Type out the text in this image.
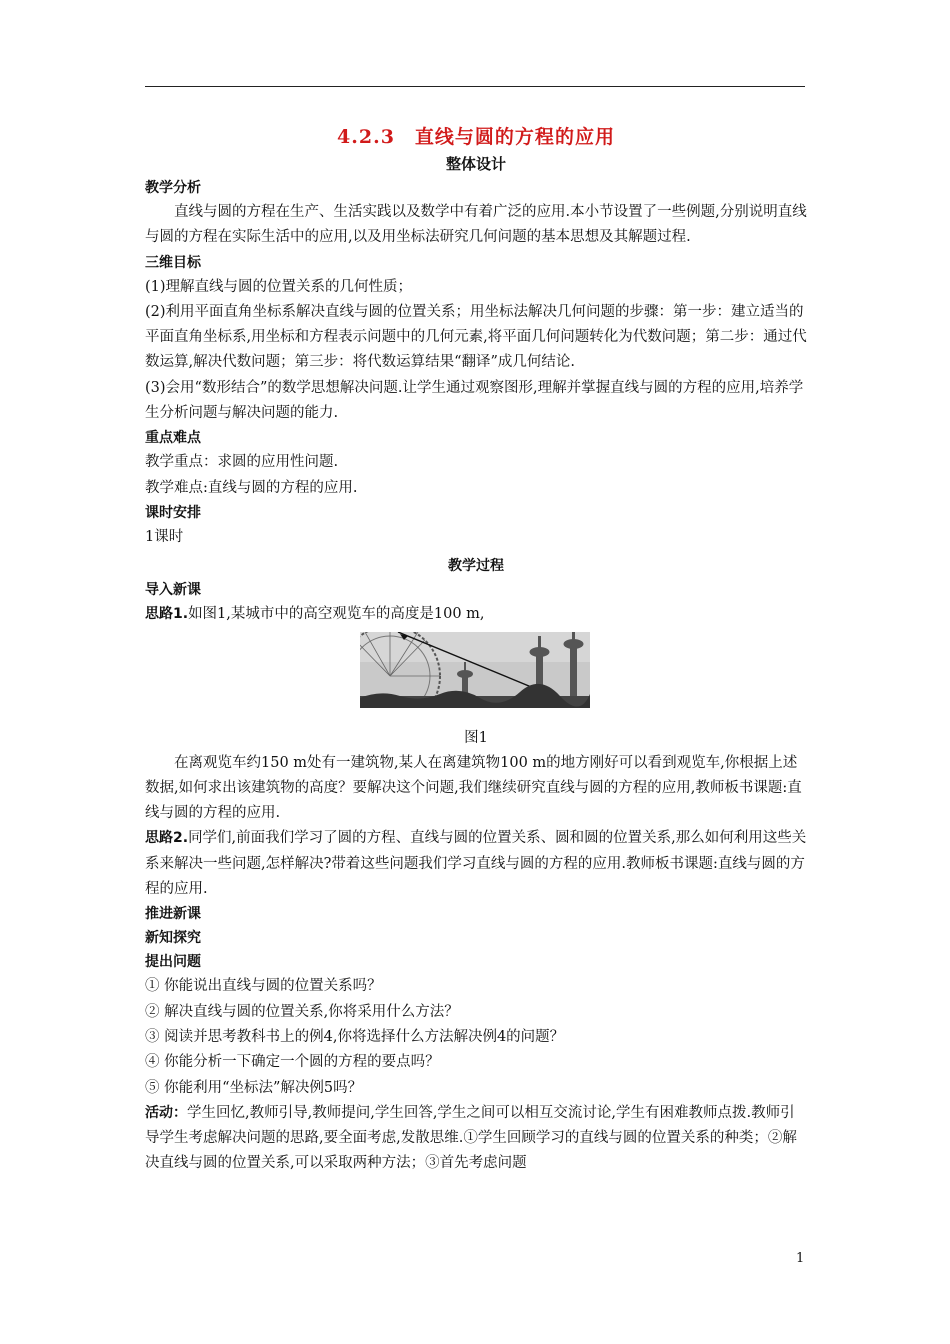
4.2.3　直线与圆的方程的应用
整体设计
教学分析

直线与圆的方程在生产、生活实践以及数学中有着广泛的应用.本小节设置了一些例题,分别说明直线与圆的方程在实际生活中的应用,以及用坐标法研究几何问题的基本思想及其解题过程.

三维目标

(1)理解直线与圆的位置关系的几何性质；

(2)利用平面直角坐标系解决直线与圆的位置关系；用坐标法解决几何问题的步骤：第一步：建立适当的平面直角坐标系,用坐标和方程表示问题中的几何元素,将平面几何问题转化为代数问题；第二步：通过代数运算,解决代数问题；第三步：将代数运算结果“翻译”成几何结论.

(3)会用“数形结合”的数学思想解决问题.让学生通过观察图形,理解并掌握直线与圆的方程的应用,培养学生分析问题与解决问题的能力.

重点难点

教学重点：求圆的应用性问题.

教学难点:直线与圆的方程的应用.

课时安排

1课时

教学过程
导入新课

思路1.如图1,某城市中的高空观览车的高度是100 m,

图1

在离观览车约150 m处有一建筑物,某人在离建筑物100 m的地方刚好可以看到观览车,你根据上述数据,如何求出该建筑物的高度？要解决这个问题,我们继续研究直线与圆的方程的应用,教师板书课题:直线与圆的方程的应用.

思路2.同学们,前面我们学习了圆的方程、直线与圆的位置关系、圆和圆的位置关系,那么如何利用这些关系来解决一些问题,怎样解决?带着这些问题我们学习直线与圆的方程的应用.教师板书课题:直线与圆的方程的应用.

推进新课
新知探究
提出问题

① 你能说出直线与圆的位置关系吗？

② 解决直线与圆的位置关系,你将采用什么方法？

③ 阅读并思考教科书上的例4,你将选择什么方法解决例4的问题？

④ 你能分析一下确定一个圆的方程的要点吗？

⑤ 你能利用“坐标法”解决例5吗？

活动：学生回忆,教师引导,教师提问,学生回答,学生之间可以相互交流讨论,学生有困难教师点拨.教师引导学生考虑解决问题的思路,要全面考虑,发散思维.①学生回顾学习的直线与圆的位置关系的种类；②解决直线与圆的位置关系,可以采取两种方法；③首先考虑问题

1
